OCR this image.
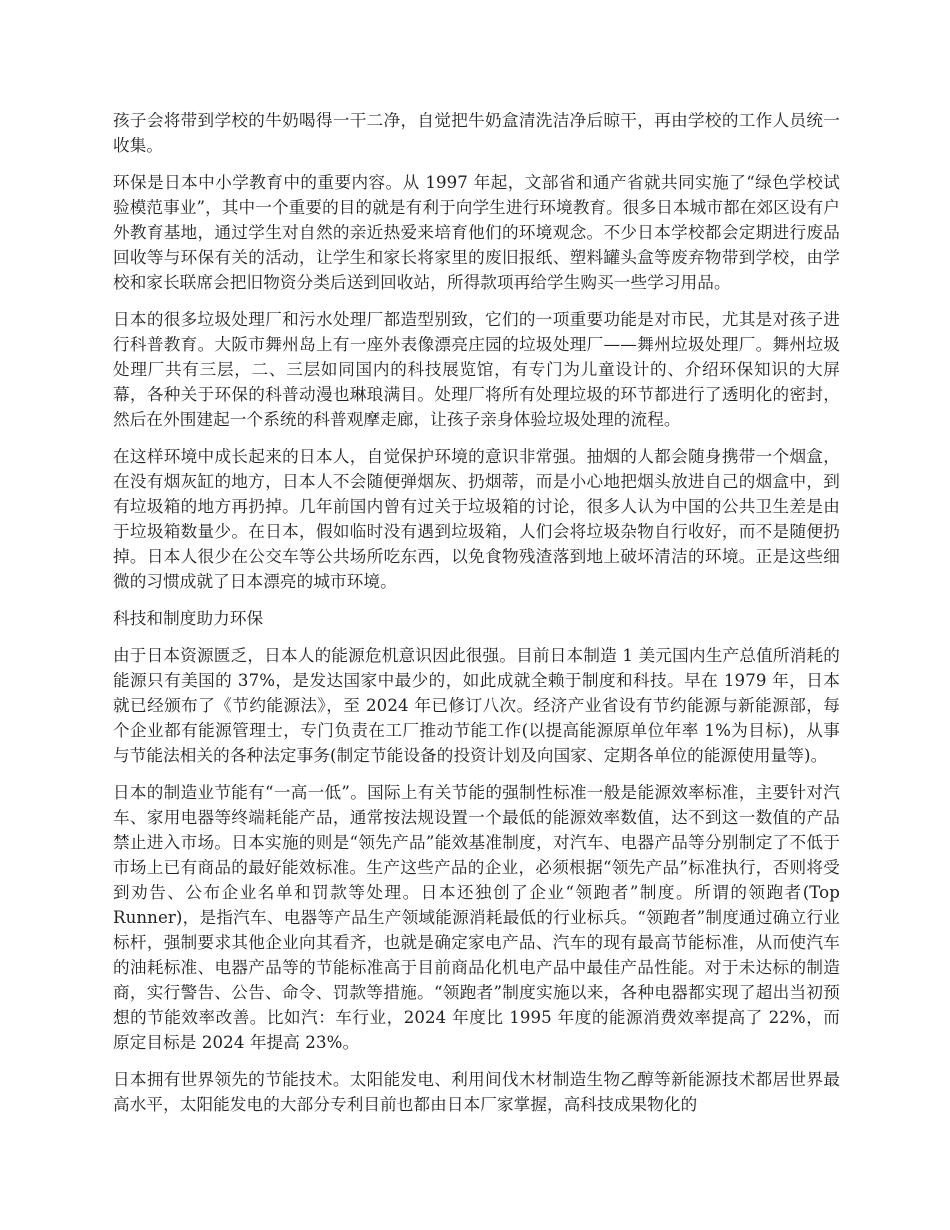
孩子会将带到学校的牛奶喝得一干二净，自觉把牛奶盒清洗洁净后晾干，再由学校的工作人员统一收集。

环保是日本中小学教育中的重要内容。从 1997 年起，文部省和通产省就共同实施了“绿色学校试验模范事业”，其中一个重要的目的就是有利于向学生进行环境教育。很多日本城市都在郊区设有户外教育基地，通过学生对自然的亲近热爱来培育他们的环境观念。不少日本学校都会定期进行废品回收等与环保有关的活动，让学生和家长将家里的废旧报纸、塑料罐头盒等废弃物带到学校，由学校和家长联席会把旧物资分类后送到回收站，所得款项再给学生购买一些学习用品。

日本的很多垃圾处理厂和污水处理厂都造型别致，它们的一项重要功能是对市民，尤其是对孩子进行科普教育。大阪市舞州岛上有一座外表像漂亮庄园的垃圾处理厂——舞州垃圾处理厂。舞州垃圾处理厂共有三层，二、三层如同国内的科技展览馆，有专门为儿童设计的、介绍环保知识的大屏幕，各种关于环保的科普动漫也琳琅满目。处理厂将所有处理垃圾的环节都进行了透明化的密封，然后在外围建起一个系统的科普观摩走廊，让孩子亲身体验垃圾处理的流程。

在这样环境中成长起来的日本人，自觉保护环境的意识非常强。抽烟的人都会随身携带一个烟盒，在没有烟灰缸的地方，日本人不会随便弹烟灰、扔烟蒂，而是小心地把烟头放进自己的烟盒中，到有垃圾箱的地方再扔掉。几年前国内曾有过关于垃圾箱的讨论，很多人认为中国的公共卫生差是由于垃圾箱数量少。在日本，假如临时没有遇到垃圾箱，人们会将垃圾杂物自行收好，而不是随便扔掉。日本人很少在公交车等公共场所吃东西，以免食物残渣落到地上破坏清洁的环境。正是这些细微的习惯成就了日本漂亮的城市环境。

科技和制度助力环保

由于日本资源匮乏，日本人的能源危机意识因此很强。目前日本制造 1 美元国内生产总值所消耗的能源只有美国的 37%，是发达国家中最少的，如此成就全赖于制度和科技。早在 1979 年，日本就已经颁布了《节约能源法》，至 2024 年已修订八次。经济产业省设有节约能源与新能源部，每个企业都有能源管理士，专门负责在工厂推动节能工作(以提高能源原单位年率 1%为目标)，从事与节能法相关的各种法定事务(制定节能设备的投资计划及向国家、定期各单位的能源使用量等)。

日本的制造业节能有“一高一低”。国际上有关节能的强制性标准一般是能源效率标准，主要针对汽车、家用电器等终端耗能产品，通常按法规设置一个最低的能源效率数值，达不到这一数值的产品禁止进入市场。日本实施的则是“领先产品”能效基准制度，对汽车、电器产品等分别制定了不低于市场上已有商品的最好能效标准。生产这些产品的企业，必须根据“领先产品”标准执行，否则将受到劝告、公布企业名单和罚款等处理。日本还独创了企业“领跑者”制度。所谓的领跑者(Top Runner)，是指汽车、电器等产品生产领域能源消耗最低的行业标兵。“领跑者”制度通过确立行业标杆，强制要求其他企业向其看齐，也就是确定家电产品、汽车的现有最高节能标准，从而使汽车的油耗标准、电器产品等的节能标准高于目前商品化机电产品中最佳产品性能。对于未达标的制造商，实行警告、公告、命令、罚款等措施。“领跑者”制度实施以来，各种电器都实现了超出当初预想的节能效率改善。比如汽：车行业，2024 年度比 1995 年度的能源消费效率提高了 22%，而原定目标是 2024 年提高 23%。

日本拥有世界领先的节能技术。太阳能发电、利用间伐木材制造生物乙醇等新能源技术都居世界最高水平，太阳能发电的大部分专利目前也都由日本厂家掌握，高科技成果物化的
